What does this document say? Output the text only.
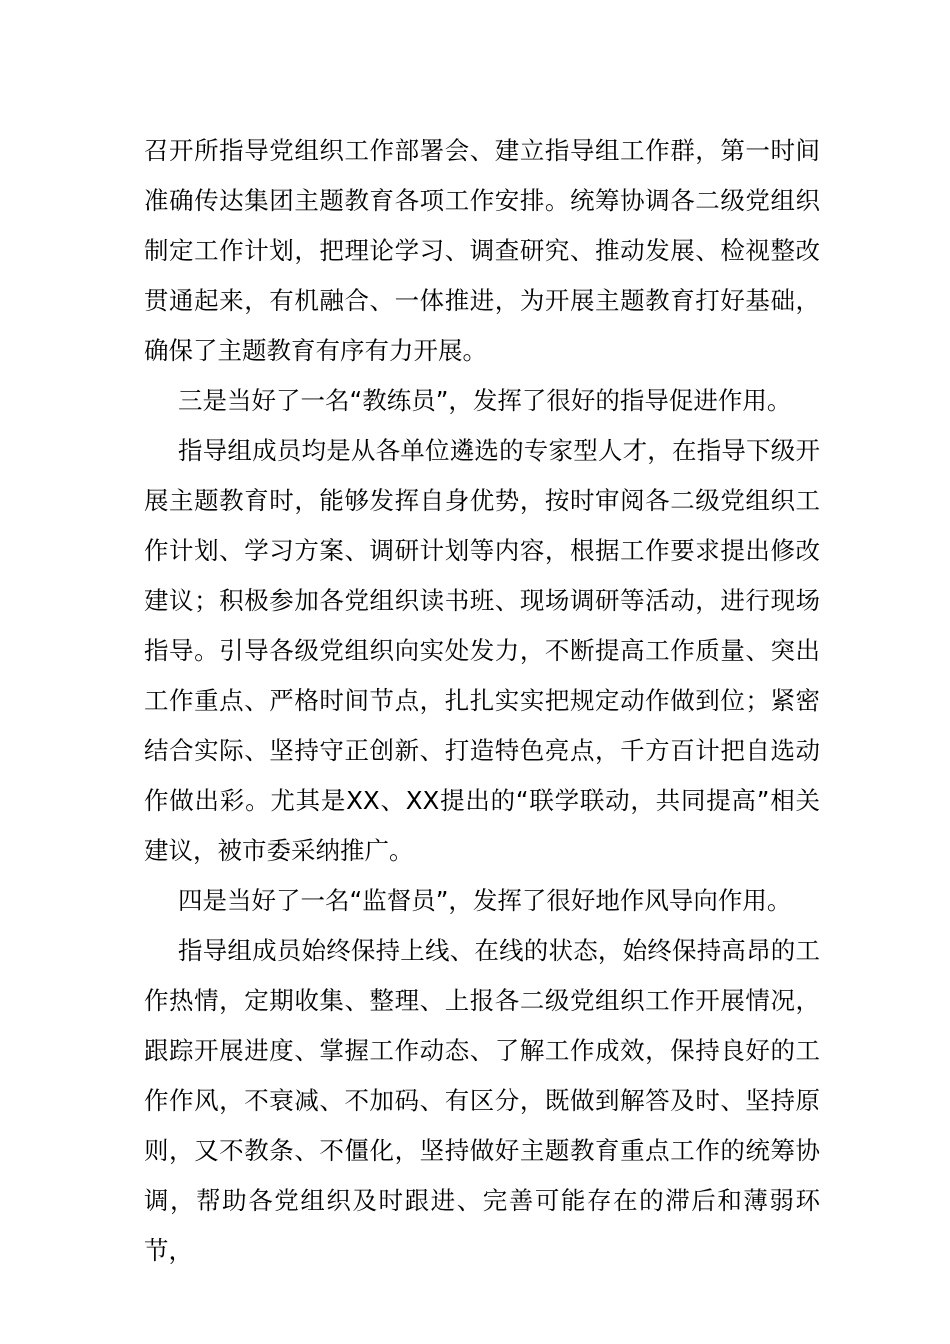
召开所指导党组织工作部署会、建立指导组工作群，第一时间准确传达集团主题教育各项工作安排。统筹协调各二级党组织制定工作计划，把理论学习、调查研究、推动发展、检视整改贯通起来，有机融合、一体推进，为开展主题教育打好基础，确保了主题教育有序有力开展。

三是当好了一名“教练员”，发挥了很好的指导促进作用。

指导组成员均是从各单位遴选的专家型人才，在指导下级开展主题教育时，能够发挥自身优势，按时审阅各二级党组织工作计划、学习方案、调研计划等内容，根据工作要求提出修改建议；积极参加各党组织读书班、现场调研等活动，进行现场指导。引导各级党组织向实处发力，不断提高工作质量、突出工作重点、严格时间节点，扎扎实实把规定动作做到位；紧密结合实际、坚持守正创新、打造特色亮点，千方百计把自选动作做出彩。尤其是XX、XX提出的“联学联动，共同提高”相关建议，被市委采纳推广。

四是当好了一名“监督员”，发挥了很好地作风导向作用。

指导组成员始终保持上线、在线的状态，始终保持高昂的工作热情，定期收集、整理、上报各二级党组织工作开展情况，跟踪开展进度、掌握工作动态、了解工作成效，保持良好的工作作风，不衰减、不加码、有区分，既做到解答及时、坚持原则，又不教条、不僵化，坚持做好主题教育重点工作的统筹协调，帮助各党组织及时跟进、完善可能存在的滞后和薄弱环节，
